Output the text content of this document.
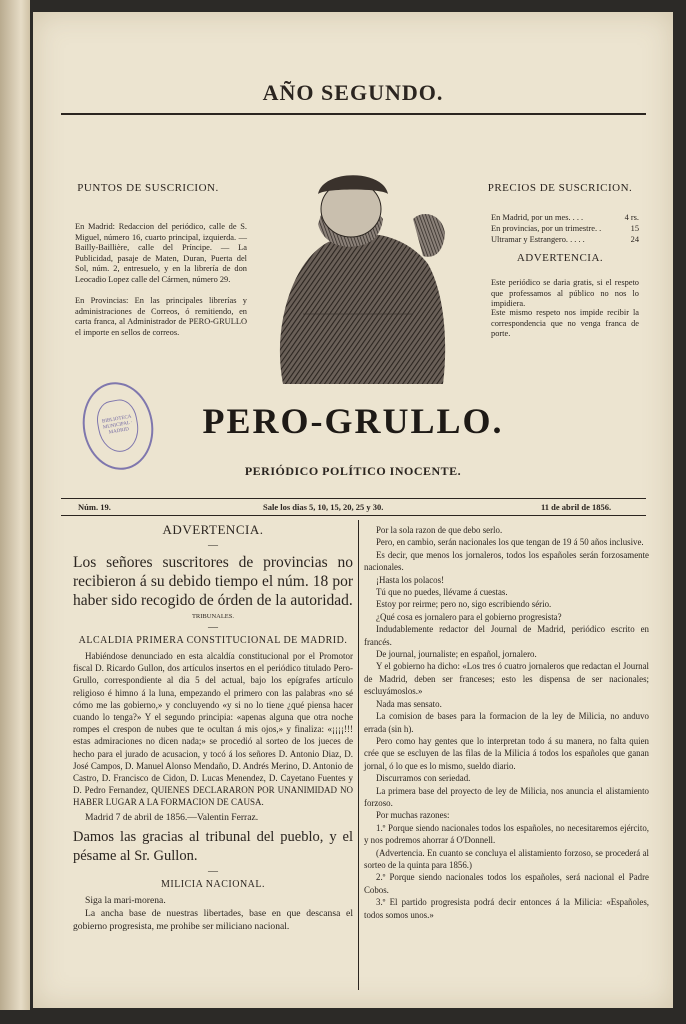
AÑO SEGUNDO.
PUNTOS DE SUSCRICION.
En Madrid: Redaccion del periódico, calle de S. Miguel, número 16, cuarto principal, izquierda. — Bailly-Baillière, calle del Príncipe. — La Publicidad, pasaje de Maten, Duran, Puerta del Sol, núm. 2, entresuelo, y en la librería de don Leocadio Lopez calle del Cármen, número 29.
En Provincias: En las principales librerías y administraciones de Correos, ó remitiendo, en carta franca, al Administrador de PERO-GRULLO el importe en sellos de correos.
PRECIOS DE SUSCRICION.
En Madrid, por un mes. . . .	4 rs.
En provincias, por un trimestre. .	15
Ultramar y Estrangero. . . . .	24
ADVERTENCIA.
Este periódico se daria gratis, si el respeto que professamos al público no nos lo impidiera.
Este mismo respeto nos impide recibir la correspondencia que no venga franca de porte.
BIBLIOTECA MUNICIPAL · MADRID	PERO-GRULLO.
PERIÓDICO POLÍTICO INOCENTE.
Núm. 19.	Sale los dias 5, 10, 15, 20, 25 y 30.	11 de abril de 1856.
ADVERTENCIA.
—
Los señores suscritores de provincias no recibieron á su debido tiempo el núm. 18 por haber sido recogido de órden de la autoridad.
TRIBUNALES.
—
ALCALDIA PRIMERA CONSTITUCIONAL DE MADRID.

Habiéndose denunciado en esta alcaldía constitucional por el Promotor fiscal D. Ricardo Gullon, dos artículos insertos en el periódico titulado Pero-Grullo, correspondiente al dia 5 del actual, bajo los epígrafes artículo religioso é himno á la luna, empezando el primero con las palabras «no sé cómo me las gobierno,» y concluyendo «y si no lo tiene ¿qué piensa hacer cuando lo tenga?» Y el segundo principia: «apenas alguna que otra noche rompes el crespon de nubes que te ocultan á mis ojos,» y finaliza: «¡¡¡¡!!! estas admiraciones no dicen nada;» se procedió al sorteo de los jueces de hecho para el jurado de acusacion, y tocó á los señores D. Antonio Diaz, D. José Campos, D. Manuel Alonso Mendaño, D. Andrés Merino, D. Antonio de Castro, D. Francisco de Cidon, D. Lucas Menendez, D. Cayetano Fuentes y D. Pedro Fernandez, QUIENES DECLARARON POR UNANIMIDAD NO HABER LUGAR A LA FORMACION DE CAUSA.

Madrid 7 de abril de 1856.—Valentin Ferraz.

Damos las gracias al tribunal del pueblo, y el pésame al Sr. Gullon.
—
MILICIA NACIONAL.

Siga la mari-morena.

La ancha base de nuestras libertades, base en que descansa el gobierno progresista, me prohibe ser miliciano nacional.

Por la sola razon de que debo serlo.

Pero, en cambio, serán nacionales los que tengan de 19 á 50 años inclusive.

Es decir, que menos los jornaleros, todos los españoles serán forzosamente nacionales.

¡Hasta los polacos!

Tú que no puedes, llévame á cuestas.

Estoy por reirme; pero no, sigo escribiendo sério.

¿Qué cosa es jornalero para el gobierno progresista?

Indudablemente redactor del Journal de Madrid, periódico escrito en francés.

De journal, journaliste; en español, jornalero.

Y el gobierno ha dicho: «Los tres ó cuatro jornaleros que redactan el Journal de Madrid, deben ser franceses; esto les dispensa de ser nacionales; escluyámoslos.»

Nada mas sensato.

La comision de bases para la formacion de la ley de Milicia, no anduvo errada (sin h).

Pero como hay gentes que lo interpretan todo á su manera, no falta quien crée que se escluyen de las filas de la Milicia á todos los españoles que ganan jornal, ó lo que es lo mismo, sueldo diario.

Discurramos con seriedad.

La primera base del proyecto de ley de Milicia, nos anuncia el alistamiento forzoso.

Por muchas razones:

1.º Porque siendo nacionales todos los españoles, no necesitaremos ejército, y nos podremos ahorrar á O'Donnell.

(Advertencia. En cuanto se concluya el alistamiento forzoso, se procederá al sorteo de la quinta para 1856.)

2.º Porque siendo nacionales todos los españoles, será nacional el Padre Cobos.

3.º El partido progresista podrá decir entonces á la Milicia: «Españoles, todos somos unos.»
